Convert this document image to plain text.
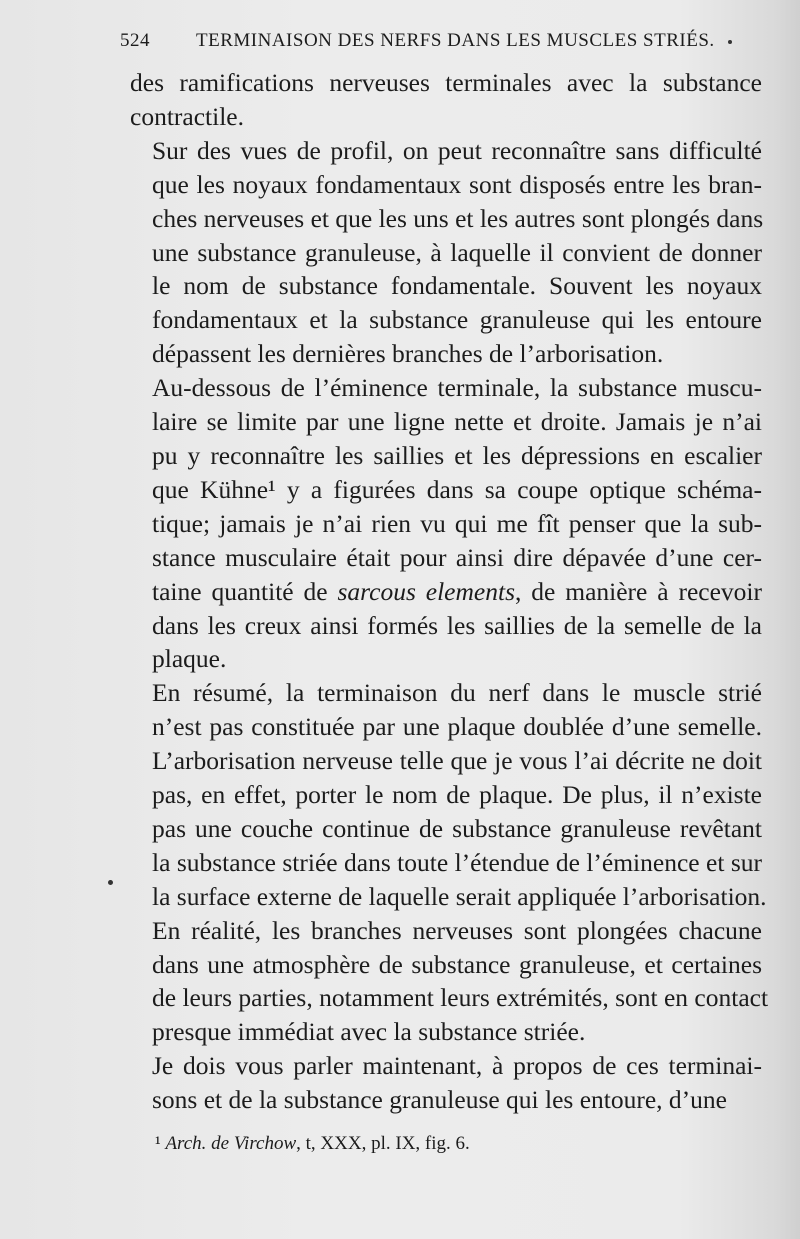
524 TERMINAISON DES NERFS DANS LES MUSCLES STRIÉS.

des ramifications nerveuses terminales avec la substance
contractile.

Sur des vues de profil, on peut reconnaître sans difficulté
que les noyaux fondamentaux sont disposés entre les bran-
ches nerveuses et que les uns et les autres sont plongés dans
une substance granuleuse, à laquelle il convient de donner
le nom de substance fondamentale. Souvent les noyaux
fondamentaux et la substance granuleuse qui les entoure
dépassent les dernières branches de l’arborisation.

Au-dessous de l’éminence terminale, la substance muscu-
laire se limite par une ligne nette et droite. Jamais je n’ai
pu y reconnaître les saillies et les dépressions en escalier
que Kühne¹ y a figurées dans sa coupe optique schéma-
tique; jamais je n’ai rien vu qui me fît penser que la sub-
stance musculaire était pour ainsi dire dépavée d’une cer-
taine quantité de sarcous elements, de manière à recevoir
dans les creux ainsi formés les saillies de la semelle de la
plaque.

En résumé, la terminaison du nerf dans le muscle strié
n’est pas constituée par une plaque doublée d’une semelle.
L’arborisation nerveuse telle que je vous l’ai décrite ne doit
pas, en effet, porter le nom de plaque. De plus, il n’existe
pas une couche continue de substance granuleuse revêtant
la substance striée dans toute l’étendue de l’éminence et sur
la surface externe de laquelle serait appliquée l’arborisation.
En réalité, les branches nerveuses sont plongées chacune
dans une atmosphère de substance granuleuse, et certaines
de leurs parties, notamment leurs extrémités, sont en contact
presque immédiat avec la substance striée.

Je dois vous parler maintenant, à propos de ces terminai-
sons et de la substance granuleuse qui les entoure, d’une

¹ Arch. de Virchow, t, XXX, pl. IX, fig. 6.
